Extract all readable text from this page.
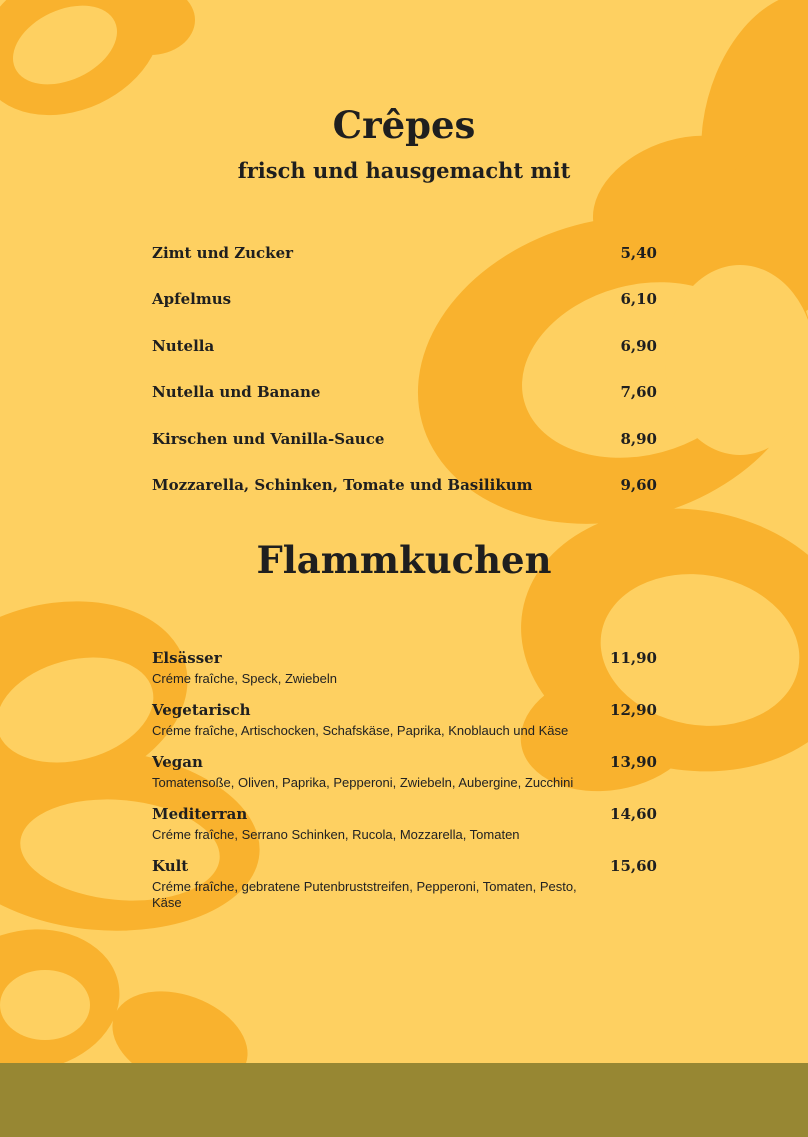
Crêpes
frisch und hausgemacht mit
Zimt und Zucker	5,40
Apfelmus	6,10
Nutella	6,90
Nutella und Banane	7,60
Kirschen und Vanilla-Sauce	8,90
Mozzarella, Schinken, Tomate und Basilikum	9,60
Flammkuchen
Elsässer	11,90
Créme fraîche, Speck, Zwiebeln
Vegetarisch	12,90
Créme fraîche, Artischocken, Schafskäse, Paprika, Knoblauch und Käse
Vegan	13,90
Tomatensoße, Oliven, Paprika, Pepperoni, Zwiebeln, Aubergine, Zucchini
Mediterran	14,60
Créme fraîche, Serrano Schinken, Rucola, Mozzarella, Tomaten
Kult	15,60
Créme fraîche, gebratene Putenbruststreifen, Pepperoni, Tomaten, Pesto, Käse
